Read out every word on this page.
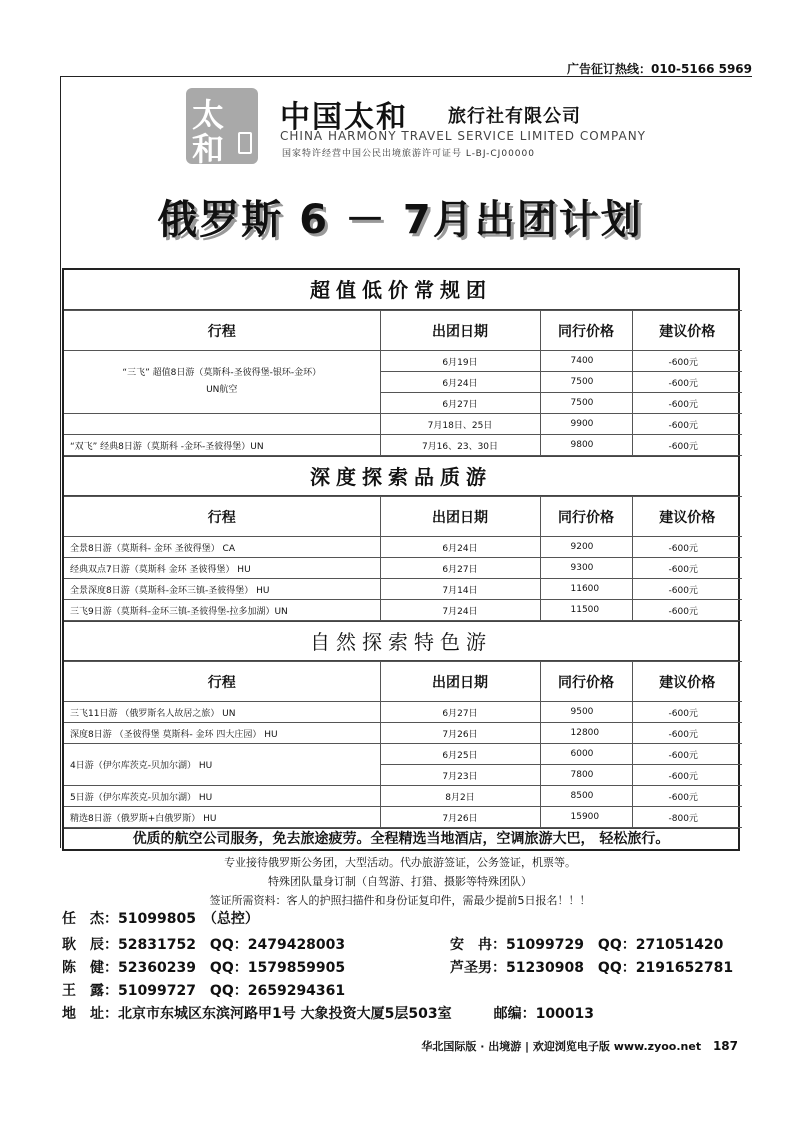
广告征订热线：010-5166 5969
太
和
中国太和 旅行社有限公司
CHINA HARMONY TRAVEL SERVICE LIMITED COMPANY
国家特许经营中国公民出境旅游许可证号 L-BJ-CJ00000
俄罗斯 6 － 7月出团计划
超值低价常规团
行程	出团日期	同行价格	建议价格

“三飞” 超值8日游（莫斯科-圣彼得堡-银环-金环）
UN航空	6月19日	7400	-600元
	6月24日	7500	-600元
	6月27日	7500	-600元
	7月18日、25日	9900	-600元
“双飞” 经典8日游（莫斯科 -金环-圣彼得堡）UN	7月16、23、30日	9800	-600元
深度探索品质游
行程	出团日期	同行价格	建议价格
全景8日游（莫斯科- 金环 圣彼得堡） CA	6月24日	9200	-600元
经典双点7日游（莫斯科 金环 圣彼得堡） HU	6月27日	9300	-600元
全景深度8日游（莫斯科-金环三镇-圣彼得堡） HU	7月14日	11600	-600元
三飞9日游（莫斯科-金环三镇-圣彼得堡-拉多加湖）UN	7月24日	11500	-600元
自然探索特色游
行程	出团日期	同行价格	建议价格
三飞11日游 （俄罗斯名人故居之旅） UN	6月27日	9500	-600元
深度8日游 （圣彼得堡 莫斯科- 金环 四大庄园） HU	7月26日	12800	-600元
4日游（伊尔库茨克-贝加尔湖） HU	6月25日	6000	-600元
	7月23日	7800	-600元
5日游（伊尔库茨克-贝加尔湖） HU	8月2日	8500	-600元
精选8日游（俄罗斯+白俄罗斯） HU	7月26日	15900	-800元
优质的航空公司服务，免去旅途疲劳。全程精选当地酒店，空调旅游大巴， 轻松旅行。
专业接待俄罗斯公务团，大型活动。代办旅游签证，公务签证，机票等。
特殊团队量身订制（自驾游、打猎、摄影等特殊团队）
签证所需资料：客人的护照扫描件和身份证复印件，需最少提前5日报名！！！
任　杰：51099805　（总控）
耿　辰：52831752　QQ：2479428003	安　冉：51099729　QQ：271051420
陈　健：52360239　QQ：1579859905	芦圣男：51230908　QQ：2191652781
王　露：51099727　QQ：2659294361
地　址：北京市东城区东滨河路甲1号 大象投资大厦5层503室　　　邮编：100013
华北国际版 · 出境游 | 欢迎浏览电子版 www.zyoo.net 187
